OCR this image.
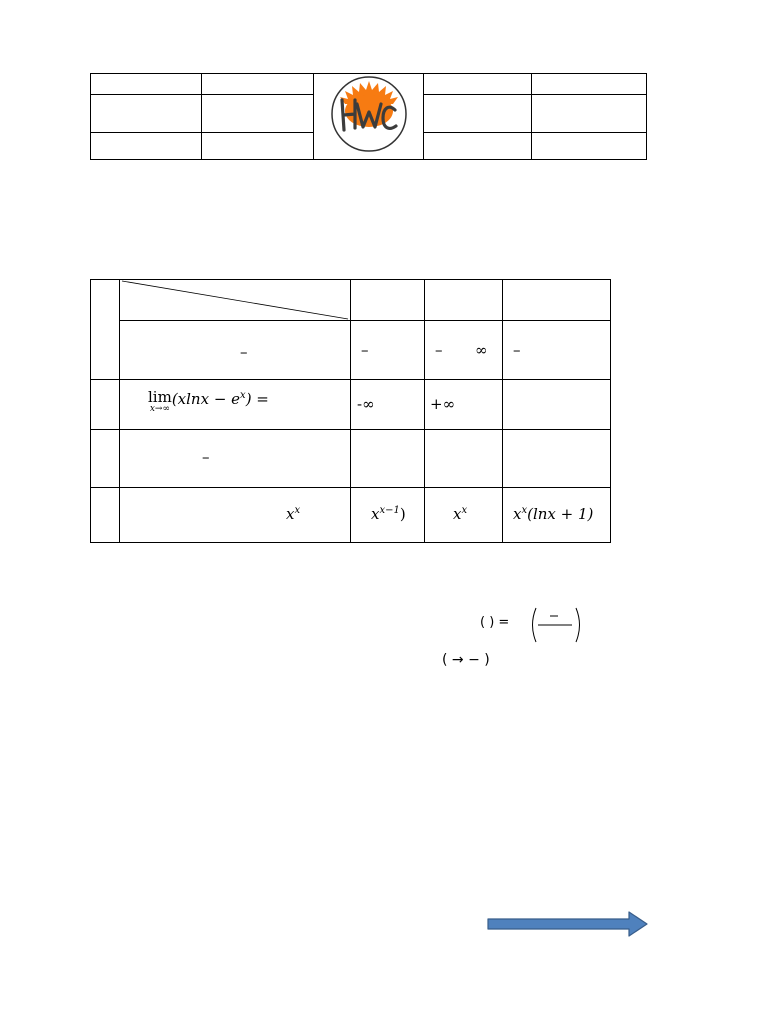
HWC		

	–	–	– ∞	–

	lim
x→∞
$(xlnx - e^x)$ =	-∞	+∞	

	–			

	$x^x$	$x^{x-1}$)	$x^x$	$x^x(\ln x + 1)$
( ) =
( → − )
